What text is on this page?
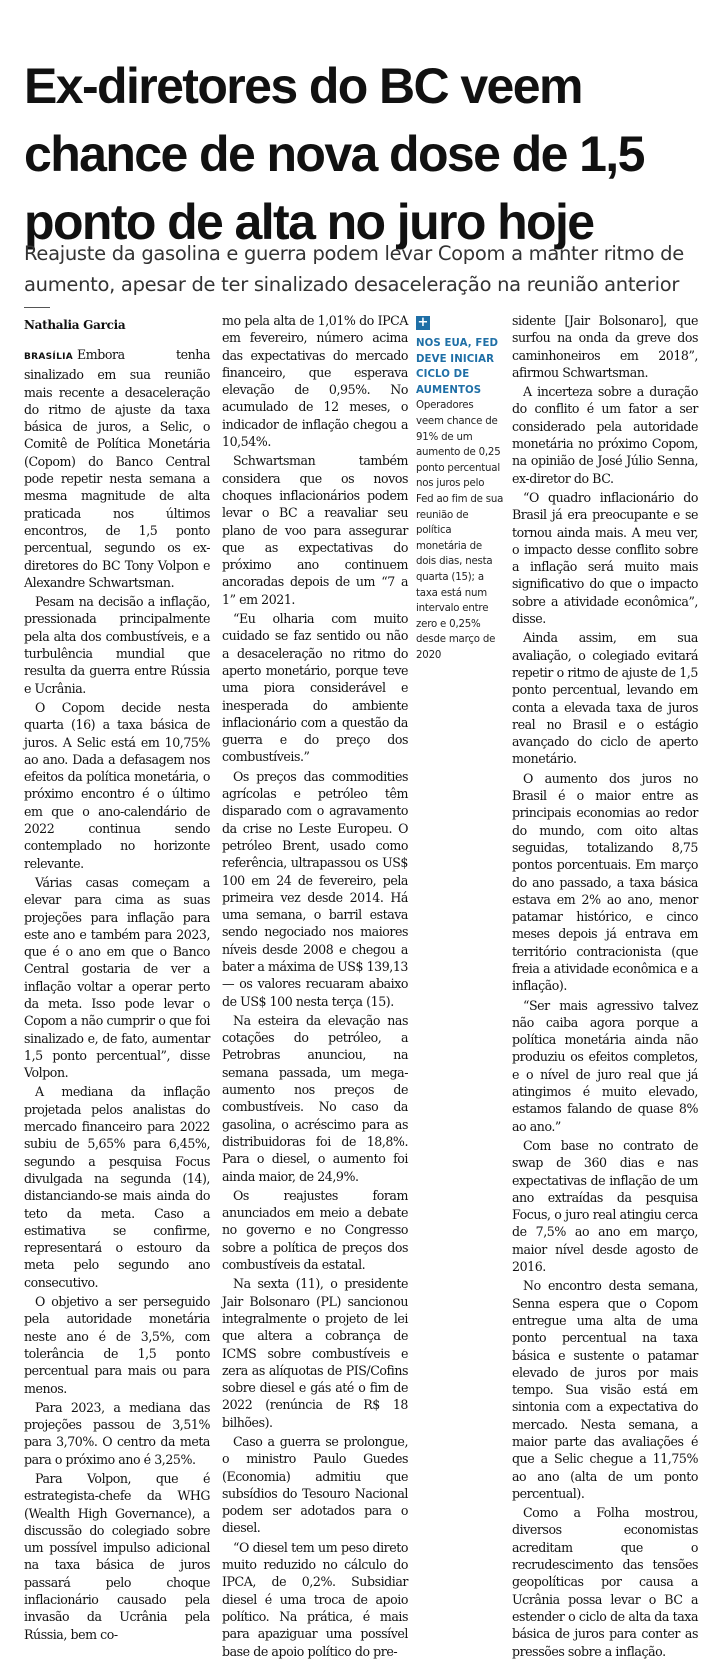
Ex-diretores do BC veem chance de nova dose de 1,5 ponto de alta no juro hoje
Reajuste da gasolina e guerra podem levar Copom a manter ritmo de aumento, apesar de ter sinalizado desaceleração na reunião anterior
Nathalia Garcia

BRASÍLIA Embora tenha sinalizado em sua reunião mais recente a desaceleração do ritmo de ajuste da taxa básica de juros, a Selic, o Comitê de Política Monetária (Copom) do Banco Central pode repetir nesta semana a mesma magnitude de alta praticada nos últimos encontros, de 1,5 ponto percentual, segundo os ex-diretores do BC Tony Volpon e Alexandre Schwartsman.

Pesam na decisão a inflação, pressionada principalmente pela alta dos combustíveis, e a turbulência mundial que resulta da guerra entre Rússia e Ucrânia.

O Copom decide nesta quarta (16) a taxa básica de juros. A Selic está em 10,75% ao ano. Dada a defasagem nos efeitos da política monetária, o próximo encontro é o último em que o ano-calendário de 2022 continua sendo contemplado no horizonte relevante.

Várias casas começam a elevar para cima as suas projeções para inflação para este ano e também para 2023, que é o ano em que o Banco Central gostaria de ver a inflação voltar a operar perto da meta. Isso pode levar o Copom a não cumprir o que foi sinalizado e, de fato, aumentar 1,5 ponto percentual”, disse Volpon.

A mediana da inflação projetada pelos analistas do mercado financeiro para 2022 subiu de 5,65% para 6,45%, segundo a pesquisa Focus divulgada na segunda (14), distanciando-se mais ainda do teto da meta. Caso a estimativa se confirme, representará o estouro da meta pelo segundo ano consecutivo.

O objetivo a ser perseguido pela autoridade monetária neste ano é de 3,5%, com tolerância de 1,5 ponto percentual para mais ou para menos.

Para 2023, a mediana das projeções passou de 3,51% para 3,70%. O centro da meta para o próximo ano é 3,25%.

Para Volpon, que é estrategista-chefe da WHG (Wealth High Governance), a discussão do colegiado sobre um possível impulso adicional na taxa básica de juros passará pelo choque inflacionário causado pela invasão da Ucrânia pela Rússia, bem co-

mo pela alta de 1,01% do IPCA em fevereiro, número acima das expectativas do mercado financeiro, que esperava elevação de 0,95%. No acumulado de 12 meses, o indicador de inflação chegou a 10,54%.

Schwartsman também considera que os novos choques inflacionários podem levar o BC a reavaliar seu plano de voo para assegurar que as expectativas do próximo ano continuem ancoradas depois de um “7 a 1” em 2021.

“Eu olharia com muito cuidado se faz sentido ou não a desaceleração no ritmo do aperto monetário, porque teve uma piora considerável e inesperada do ambiente inflacionário com a questão da guerra e do preço dos combustíveis.”

Os preços das commodities agrícolas e petróleo têm disparado com o agravamento da crise no Leste Europeu. O petróleo Brent, usado como referência, ultrapassou os US$ 100 em 24 de fevereiro, pela primeira vez desde 2014. Há uma semana, o barril estava sendo negociado nos maiores níveis desde 2008 e chegou a bater a máxima de US$ 139,13 — os valores recuaram abaixo de US$ 100 nesta terça (15).

Na esteira da elevação nas cotações do petróleo, a Petrobras anunciou, na semana passada, um mega-aumento nos preços de combustíveis. No caso da gasolina, o acréscimo para as distribuidoras foi de 18,8%. Para o diesel, o aumento foi ainda maior, de 24,9%.

Os reajustes foram anunciados em meio a debate no governo e no Congresso sobre a política de preços dos combustíveis da estatal.

Na sexta (11), o presidente Jair Bolsonaro (PL) sancionou integralmente o projeto de lei que altera a cobrança de ICMS sobre combustíveis e zera as alíquotas de PIS/Cofins sobre diesel e gás até o fim de 2022 (renúncia de R$ 18 bilhões).

Caso a guerra se prolongue, o ministro Paulo Guedes (Economia) admitiu que subsídios do Tesouro Nacional podem ser adotados para o diesel.

“O diesel tem um peso direto muito reduzido no cálculo do IPCA, de 0,2%. Subsidiar diesel é uma troca de apoio político. Na prática, é mais para apaziguar uma possível base de apoio político do pre-

+
NOS EUA, FED DEVE INICIAR CICLO DE AUMENTOS
Operadores veem chance de 91% de um aumento de 0,25 ponto percentual nos juros pelo Fed ao fim de sua reunião de política monetária de dois dias, nesta quarta (15); a taxa está num intervalo entre zero e 0,25% desde março de 2020

sidente [Jair Bolsonaro], que surfou na onda da greve dos caminhoneiros em 2018”, afirmou Schwartsman.

A incerteza sobre a duração do conflito é um fator a ser considerado pela autoridade monetária no próximo Copom, na opinião de José Júlio Senna, ex-diretor do BC.

“O quadro inflacionário do Brasil já era preocupante e se tornou ainda mais. A meu ver, o impacto desse conflito sobre a inflação será muito mais significativo do que o impacto sobre a atividade econômica”, disse.

Ainda assim, em sua avaliação, o colegiado evitará repetir o ritmo de ajuste de 1,5 ponto percentual, levando em conta a elevada taxa de juros real no Brasil e o estágio avançado do ciclo de aperto monetário.

O aumento dos juros no Brasil é o maior entre as principais economias ao redor do mundo, com oito altas seguidas, totalizando 8,75 pontos porcentuais. Em março do ano passado, a taxa básica estava em 2% ao ano, menor patamar histórico, e cinco meses depois já entrava em território contracionista (que freia a atividade econômica e a inflação).

“Ser mais agressivo talvez não caiba agora porque a política monetária ainda não produziu os efeitos completos, e o nível de juro real que já atingimos é muito elevado, estamos falando de quase 8% ao ano.”

Com base no contrato de swap de 360 dias e nas expectativas de inflação de um ano extraídas da pesquisa Focus, o juro real atingiu cerca de 7,5% ao ano em março, maior nível desde agosto de 2016.

No encontro desta semana, Senna espera que o Copom entregue uma alta de uma ponto percentual na taxa básica e sustente o patamar elevado de juros por mais tempo. Sua visão está em sintonia com a expectativa do mercado. Nesta semana, a maior parte das avaliações é que a Selic chegue a 11,75% ao ano (alta de um ponto percentual).

Como a Folha mostrou, diversos economistas acreditam que o recrudescimento das tensões geopolíticas por causa a Ucrânia possa levar o BC a estender o ciclo de alta da taxa básica de juros para conter as pressões sobre a inflação.
